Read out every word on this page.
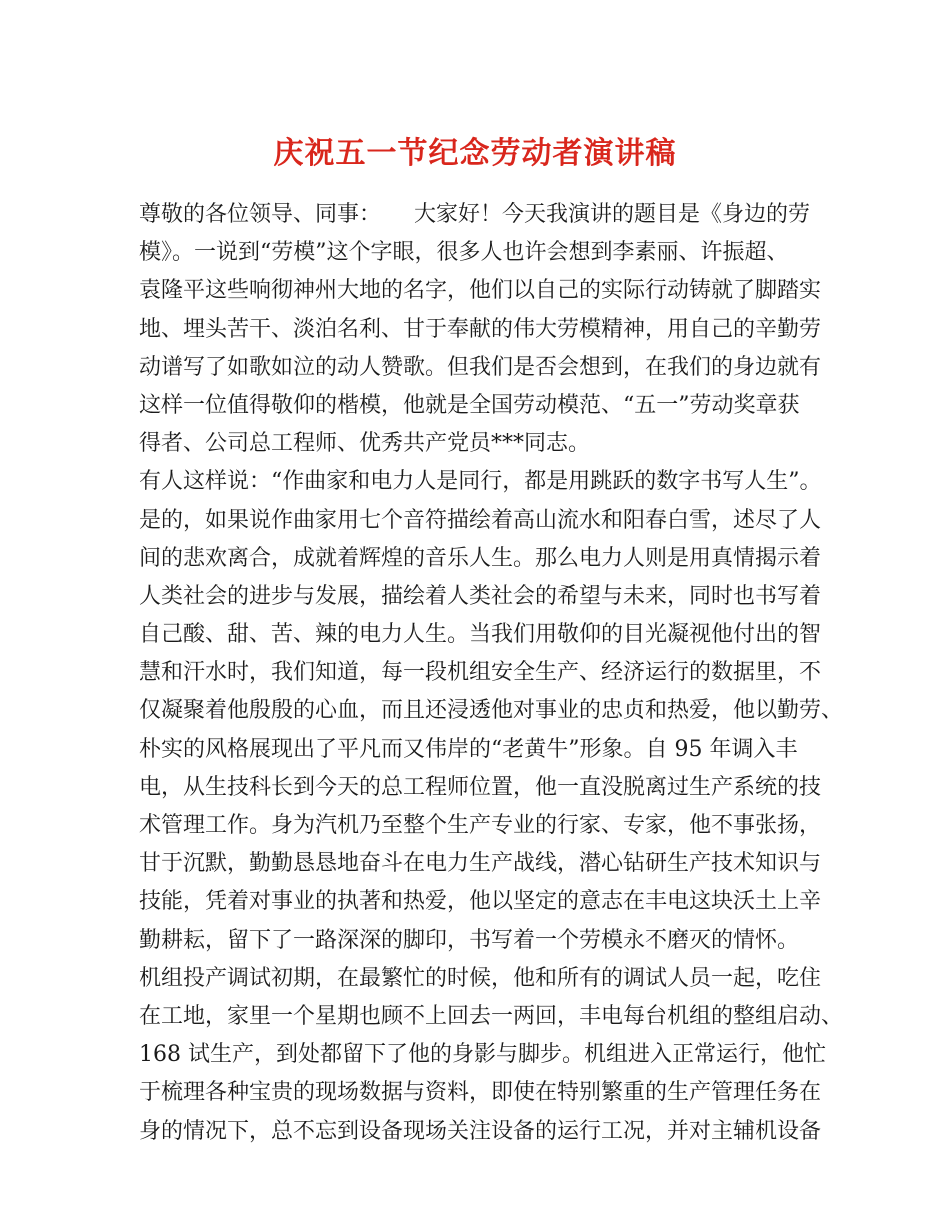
庆祝五一节纪念劳动者演讲稿
尊敬的各位领导、同事：　　大家好！今天我演讲的题目是《身边的劳
模》。一说到“劳模”这个字眼，很多人也许会想到李素丽、许振超、
袁隆平这些响彻神州大地的名字，他们以自己的实际行动铸就了脚踏实
地、埋头苦干、淡泊名利、甘于奉献的伟大劳模精神，用自己的辛勤劳
动谱写了如歌如泣的动人赞歌。但我们是否会想到，在我们的身边就有
这样一位值得敬仰的楷模，他就是全国劳动模范、“五一”劳动奖章获
得者、公司总工程师、优秀共产党员***同志。
有人这样说：“作曲家和电力人是同行，都是用跳跃的数字书写人生”。
是的，如果说作曲家用七个音符描绘着高山流水和阳春白雪，述尽了人
间的悲欢离合，成就着辉煌的音乐人生。那么电力人则是用真情揭示着
人类社会的进步与发展，描绘着人类社会的希望与未来，同时也书写着
自己酸、甜、苦、辣的电力人生。当我们用敬仰的目光凝视他付出的智
慧和汗水时，我们知道，每一段机组安全生产、经济运行的数据里，不
仅凝聚着他殷殷的心血，而且还浸透他对事业的忠贞和热爱，他以勤劳、
朴实的风格展现出了平凡而又伟岸的“老黄牛”形象。自 95 年调入丰
电，从生技科长到今天的总工程师位置，他一直没脱离过生产系统的技
术管理工作。身为汽机乃至整个生产专业的行家、专家，他不事张扬，
甘于沉默，勤勤恳恳地奋斗在电力生产战线，潜心钻研生产技术知识与
技能，凭着对事业的执著和热爱，他以坚定的意志在丰电这块沃土上辛
勤耕耘，留下了一路深深的脚印，书写着一个劳模永不磨灭的情怀。
机组投产调试初期，在最繁忙的时候，他和所有的调试人员一起，吃住
在工地，家里一个星期也顾不上回去一两回，丰电每台机组的整组启动、
168 试生产，到处都留下了他的身影与脚步。机组进入正常运行，他忙
于梳理各种宝贵的现场数据与资料，即使在特别繁重的生产管理任务在
身的情况下，总不忘到设备现场关注设备的运行工况，并对主辅机设备
